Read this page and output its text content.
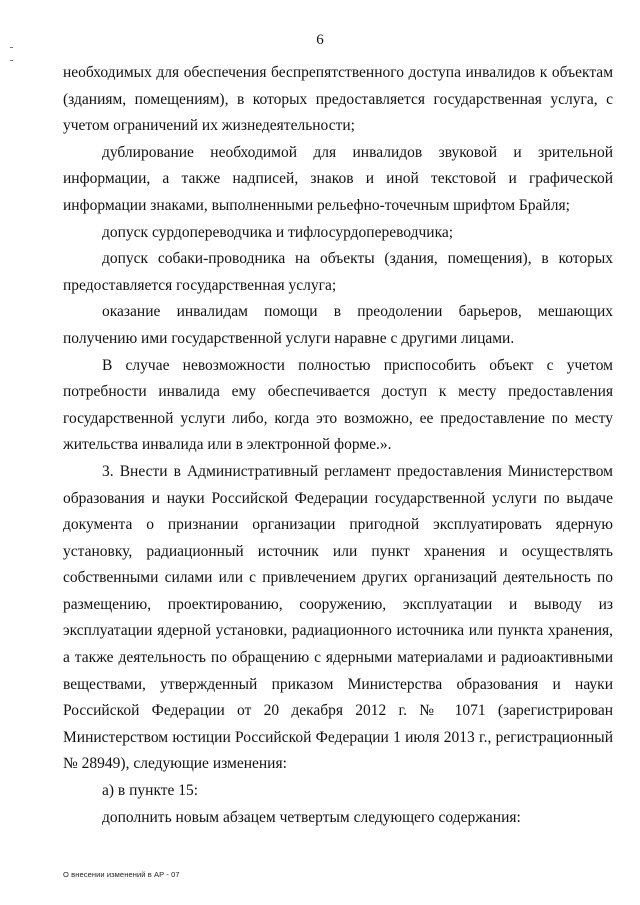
6

необходимых для обеспечения беспрепятственного доступа инвалидов к объектам (зданиям, помещениям), в которых предоставляется государственная услуга, с учетом ограничений их жизнедеятельности;

дублирование необходимой для инвалидов звуковой и зрительной информации, а также надписей, знаков и иной текстовой и графической информации знаками, выполненными рельефно-точечным шрифтом Брайля;

допуск сурдопереводчика и тифлосурдопереводчика;

допуск собаки-проводника на объекты (здания, помещения), в которых предоставляется государственная услуга;

оказание инвалидам помощи в преодолении барьеров, мешающих получению ими государственной услуги наравне с другими лицами.

В случае невозможности полностью приспособить объект с учетом потребности инвалида ему обеспечивается доступ к месту предоставления государственной услуги либо, когда это возможно, ее предоставление по месту жительства инвалида или в электронной форме.».

3. Внести в Административный регламент предоставления Министерством образования и науки Российской Федерации государственной услуги по выдаче документа о признании организации пригодной эксплуатировать ядерную установку, радиационный источник или пункт хранения и осуществлять собственными силами или с привлечением других организаций деятельность по размещению, проектированию, сооружению, эксплуатации и выводу из эксплуатации ядерной установки, радиационного источника или пункта хранения, а также деятельность по обращению с ядерными материалами и радиоактивными веществами, утвержденный приказом Министерства образования и науки Российской Федерации от 20 декабря 2012 г. № 1071 (зарегистрирован Министерством юстиции Российской Федерации 1 июля 2013 г., регистрационный № 28949), следующие изменения:

а) в пункте 15:

дополнить новым абзацем четвертым следующего содержания:

О внесении изменений в АР - 07
